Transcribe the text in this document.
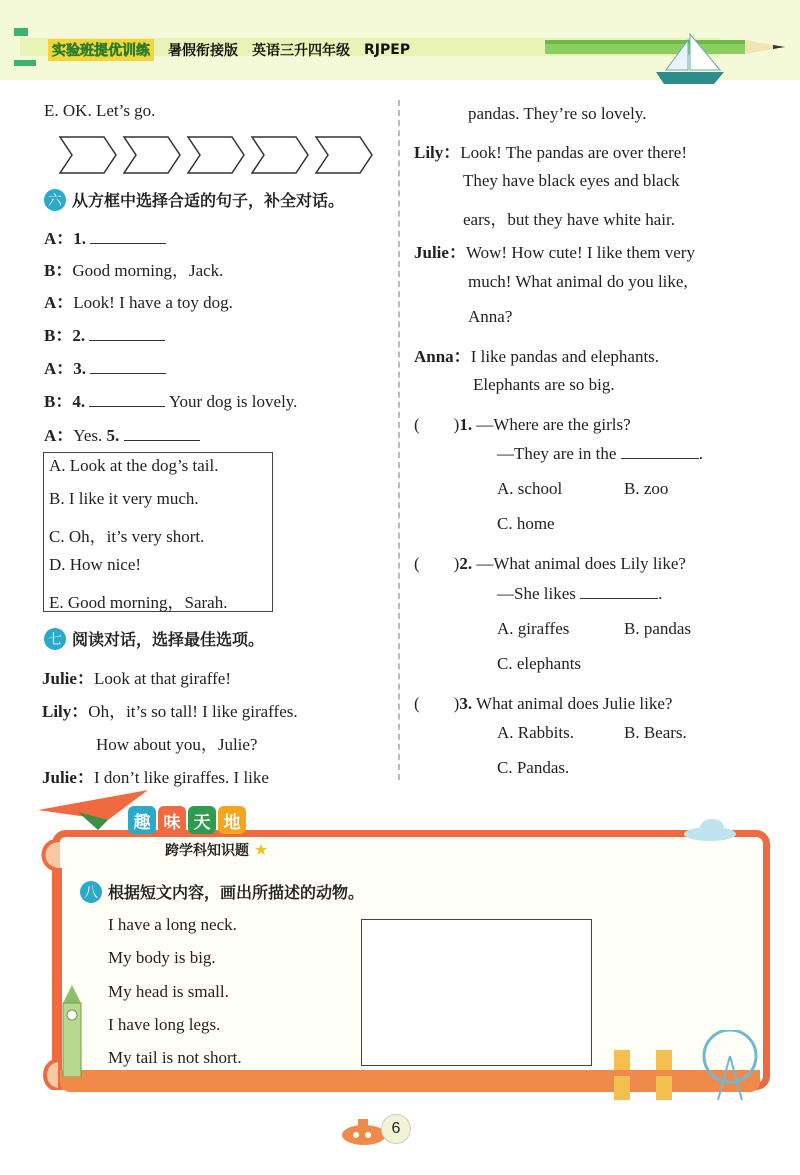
实验班提优训练 暑假衔接版 英语三升四年级 RJPEP
E. OK. Let’s go.
六 从方框中选择合适的句子，补全对话。
A：1.
B：Good morning，Jack.
A：Look! I have a toy dog.
B：2.
A：3.
B：4.	Your dog is lovely.
A：Yes. 5.
A. Look at the dog’s tail.
B. I like it very much.
C. Oh，it’s very short.
D. How nice!
E. Good morning，Sarah.
七 阅读对话，选择最佳选项。
Julie：Look at that giraffe!
Lily：Oh，it’s so tall! I like giraffes.
How about you，Julie?
Julie：I don’t like giraffes. I like
pandas. They’re so lovely.
Lily：Look! The pandas are over there!
They have black eyes and black
ears，but they have white hair.
Julie：Wow! How cute! I like them very
much! What animal do you like,
Anna?
Anna：I like pandas and elephants.
Elephants are so big.
(　　)1. —Where are the girls?
—They are in the	.
A. school	B. zoo
C. home
(　　)2. —What animal does Lily like?
—She likes	.
A. giraffes	B. pandas
C. elephants
(　　)3. What animal does Julie like?
A. Rabbits.	B. Bears.
C. Pandas.
趣 味 天 地
跨学科知识题 ★
八 根据短文内容，画出所描述的动物。
I have a long neck.
My body is big.
My head is small.
I have long legs.
My tail is not short.
6
